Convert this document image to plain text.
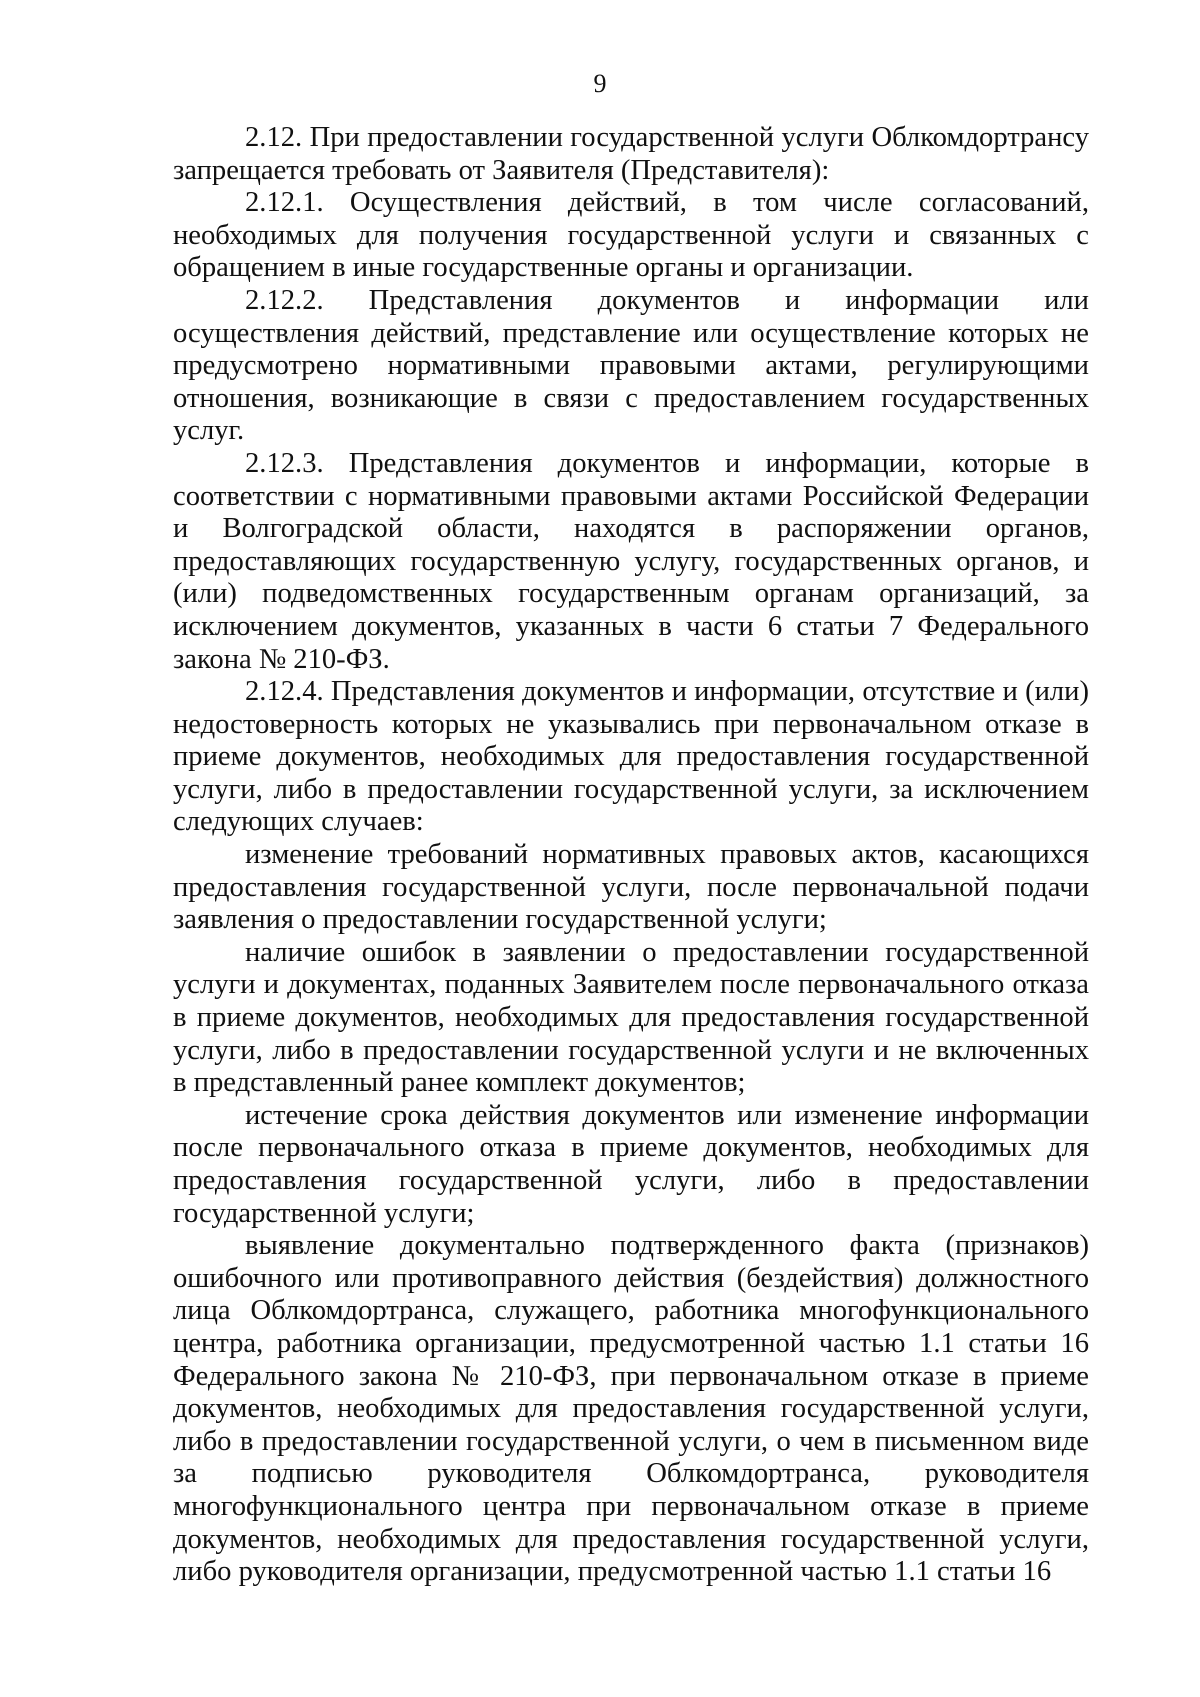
9

2.12. При предоставлении государственной услуги Облкомдортрансу запрещается требовать от Заявителя (Представителя):

2.12.1. Осуществления действий, в том числе согласований, необходимых для получения государственной услуги и связанных с обращением в иные государственные органы и организации.

2.12.2. Представления документов и информации или осуществления действий, представление или осуществление которых не предусмотрено нормативными правовыми актами, регулирующими отношения, возникающие в связи с предоставлением государственных услуг.

2.12.3. Представления документов и информации, которые в соответствии с нормативными правовыми актами Российской Федерации и Волгоградской области, находятся в распоряжении органов, предоставляющих государственную услугу, государственных органов, и (или) подведомственных государственным органам организаций, за исключением документов, указанных в части 6 статьи 7 Федерального закона № 210-ФЗ.

2.12.4. Представления документов и информации, отсутствие и (или) недостоверность которых не указывались при первоначальном отказе в приеме документов, необходимых для предоставления государственной услуги, либо в предоставлении государственной услуги, за исключением следующих случаев:

изменение требований нормативных правовых актов, касающихся предоставления государственной услуги, после первоначальной подачи заявления о предоставлении государственной услуги;

наличие ошибок в заявлении о предоставлении государственной услуги и документах, поданных Заявителем после первоначального отказа в приеме документов, необходимых для предоставления государственной услуги, либо в предоставлении государственной услуги и не включенных в представленный ранее комплект документов;

истечение срока действия документов или изменение информации после первоначального отказа в приеме документов, необходимых для предоставления государственной услуги, либо в предоставлении государственной услуги;

выявление документально подтвержденного факта (признаков) ошибочного или противоправного действия (бездействия) должностного лица Облкомдортранса, служащего, работника многофункционального центра, работника организации, предусмотренной частью 1.1 статьи 16 Федерального закона № 210-ФЗ, при первоначальном отказе в приеме документов, необходимых для предоставления государственной услуги, либо в предоставлении государственной услуги, о чем в письменном виде за подписью руководителя Облкомдортранса, руководителя многофункционального центра при первоначальном отказе в приеме документов, необходимых для предоставления государственной услуги, либо руководителя организации, предусмотренной частью 1.1 статьи 16
